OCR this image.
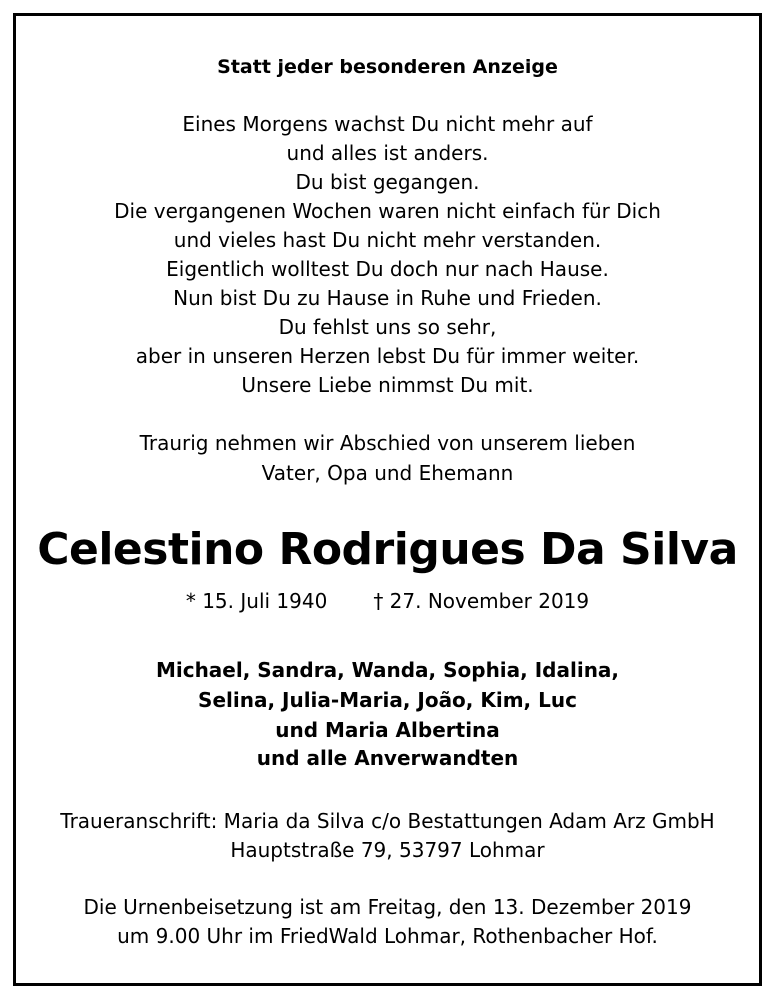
Statt jeder besonderen Anzeige
Eines Morgens wachst Du nicht mehr auf
und alles ist anders.
Du bist gegangen.
Die vergangenen Wochen waren nicht einfach für Dich
und vieles hast Du nicht mehr verstanden.
Eigentlich wolltest Du doch nur nach Hause.
Nun bist Du zu Hause in Ruhe und Frieden.
Du fehlst uns so sehr,
aber in unseren Herzen lebst Du für immer weiter.
Unsere Liebe nimmst Du mit.
Traurig nehmen wir Abschied von unserem lieben
Vater, Opa und Ehemann
Celestino Rodrigues Da Silva
* 15. Juli 1940 † 27. November 2019
Michael, Sandra, Wanda, Sophia, Idalina,
Selina, Julia-Maria, João, Kim, Luc
und Maria Albertina
und alle Anverwandten
Traueranschrift: Maria da Silva c/o Bestattungen Adam Arz GmbH
Hauptstraße 79, 53797 Lohmar
Die Urnenbeisetzung ist am Freitag, den 13. Dezember 2019
um 9.00 Uhr im FriedWald Lohmar, Rothenbacher Hof.
